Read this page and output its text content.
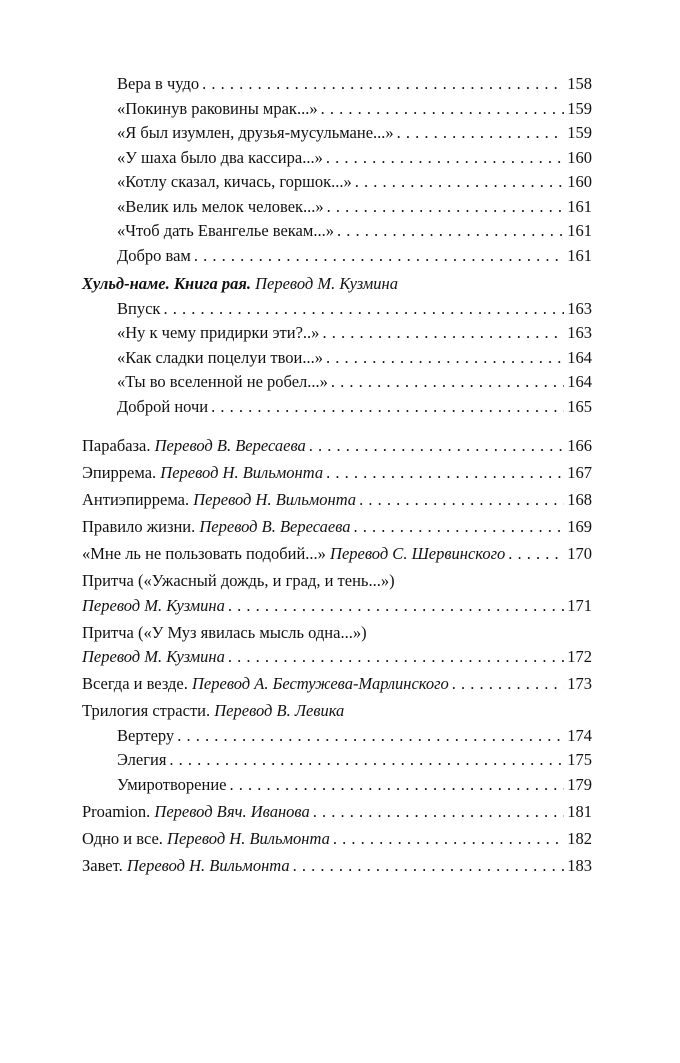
Вера в чудо . . .	158
«Покинув раковины мрак...» . . .	159
«Я был изумлен, друзья-мусульмане...» . . .	159
«У шаха было два кассира...» . . .	160
«Котлу сказал, кичась, горшок...» . . .	160
«Велик иль мелок человек...» . . .	161
«Чтоб дать Евангелье векам...» . . .	161
Добро вам . . .	161
Хульд-наме. Книга рая. Перевод М. Кузмина
Впуск . . .	163
«Ну к чему придирки эти?..» . . .	163
«Как сладки поцелуи твои...» . . .	164
«Ты во вселенной не робел...» . . .	164
Доброй ночи . . .	165
Парабаза. Перевод В. Вересаева . . .	166
Эпиррема. Перевод Н. Вильмонта . . .	167
Антиэпиррема. Перевод Н. Вильмонта . . .	168
Правило жизни. Перевод В. Вересаева . . .	169
«Мне ль не пользовать подобий...» Перевод С. Шервинского . . .	170
Притча («Ужасный дождь, и град, и тень...»)
Перевод М. Кузмина . . .	171
Притча («У Муз явилась мысль одна...»)
Перевод М. Кузмина . . .	172
Всегда и везде. Перевод А. Бестужева-Марлинского . . .	173
Трилогия страсти. Перевод В. Левика
Вертеру . . .	174
Элегия . . .	175
Умиротворение . . .	179
Proamion. Перевод Вяч. Иванова . . .	181
Одно и все. Перевод Н. Вильмонта . . .	182
Завет. Перевод Н. Вильмонта . . .	183
